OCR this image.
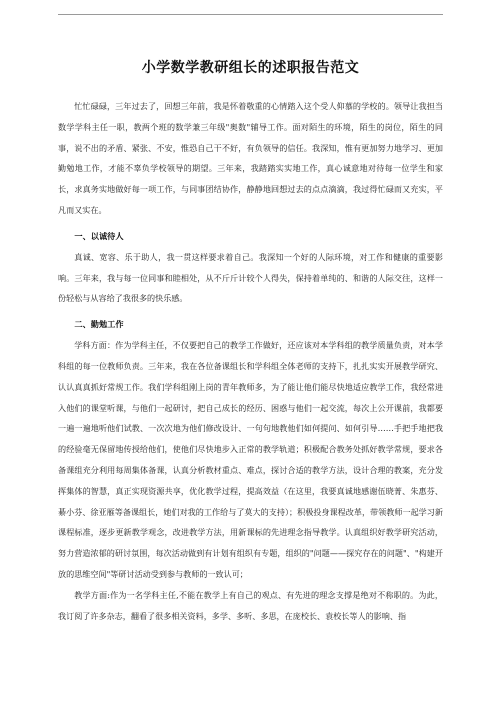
小学数学教研组长的述职报告范文

忙忙碌碌，三年过去了，回想三年前，我是怀着敬重的心情踏入这个受人仰慕的学校的。领导让我担当数学学科主任一职，教两个班的数学兼三年级"奥数"辅导工作。面对陌生的环境，陌生的岗位，陌生的同事，说不出的矛盾、紧张、不安，惟恐自己干不好，有负领导的信任。我深知，惟有更加努力地学习、更加勤勉地工作，才能不辜负学校领导的期望。三年来，我踏踏实实地工作，真心诚意地对待每一位学生和家长，求真务实地做好每一项工作，与同事团结协作，静静地回想过去的点点滴滴，我过得忙碌而又充实，平凡而又实在。

一、以诚待人

真诚、宽容、乐于助人，我一贯这样要求着自己。我深知一个好的人际环境，对工作和健康的重要影响。三年来，我与每一位同事和睦相处，从不斤斤计较个人得失，保持着单纯的、和谐的人际交往，这样一份轻松与从容给了我很多的快乐感。

二、勤勉工作

学科方面：作为学科主任，不仅要把自己的教学工作做好，还应该对本学科组的教学质量负责，对本学科组的每一位教师负责。三年来，我在各位备课组长和学科组全体老师的支持下，扎扎实实开展教学研究、认认真真抓好常规工作。我们学科组刚上岗的青年教师多，为了能让他们能尽快地适应教学工作，我经常进入他们的课堂听课，与他们一起研讨，把自己成长的经历、困惑与他们一起交流，每次上公开课前，我都要一遍一遍地听他们试教、一次次地为他们修改设计、一句句地教他们如何提问、如何引导……手把手地把我的经验毫无保留地传授给他们，使他们尽快地步入正常的教学轨道；积极配合教务处抓好教学常规，要求各备课组充分利用每周集体备课，认真分析教材重点、难点，探讨合适的教学方法，设计合理的教案，充分发挥集体的智慧，真正实现资源共享，优化教学过程，提高效益（在这里，我要真诚地感谢伍晓菁、朱惠芬、綦小芬、徐亚雁等备课组长，她们对我的工作给与了莫大的支持）；积极投身课程改革，带领教师一起学习新课程标准，逐步更新教学观念，改进教学方法，用新课标的先进理念指导教学。认真组织好教学研究活动，努力营造浓郁的研讨氛围，每次活动做到有计划有组织有专题，组织的"问题——探究存在的问题"、"构建开放的思维空间"等研讨活动受到参与教师的一致认可；

教学方面:作为一名学科主任,不能在教学上有自己的观点、有先进的理念支撑是绝对不称职的。为此，我订阅了许多杂志，翻看了很多相关资料，多学、多听、多思，在庞校长、袁校长等人的影响、指
